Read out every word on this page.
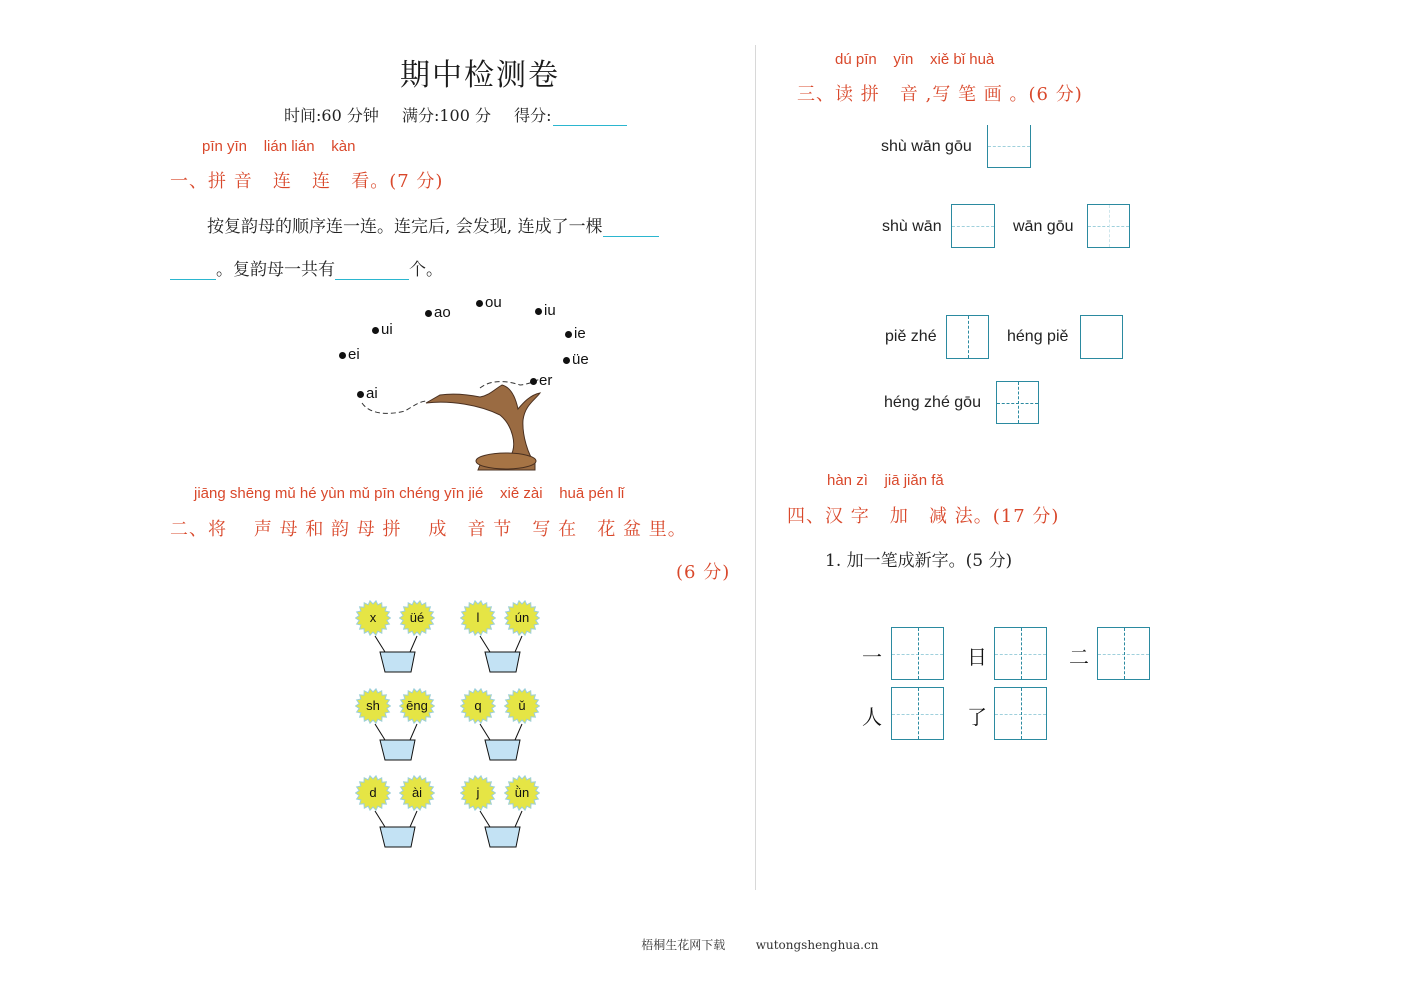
期中检测卷
时间:60 分钟 满分:100 分 得分:
pīn yīn    lián lián    kàn
一、拼 音   连   连   看。(7 分)
按复韵母的顺序连一连。连完后, 会发现, 连成了一棵
。复韵母一共有	个。
ai
ei
ui
ao
ou	iu
ie
üe
er
jiāng shēng mǔ hé yùn mǔ pīn chéng yīn jié    xiě zài    huā pén lǐ
二、将    声 母 和 韵 母 拼    成   音 节   写 在   花 盆 里。
(6 分)
x	üé	l	ún
sh	ēng	q	ǔ
d	ài	j	ǜn
dú pīn    yīn    xiě bǐ huà
三、读 拼   音 ,写 笔 画 。(6 分)
shù wān gōu
shù wān	wān gōu
piě zhé	héng piě
héng zhé gōu
hàn zì    jiā jiǎn fǎ
四、汉 字   加   减 法。(17 分)
1. 加一笔成新字。(5 分)
一	日	二
人	了

梧桐生花网下载	wutongshenghua.cn
